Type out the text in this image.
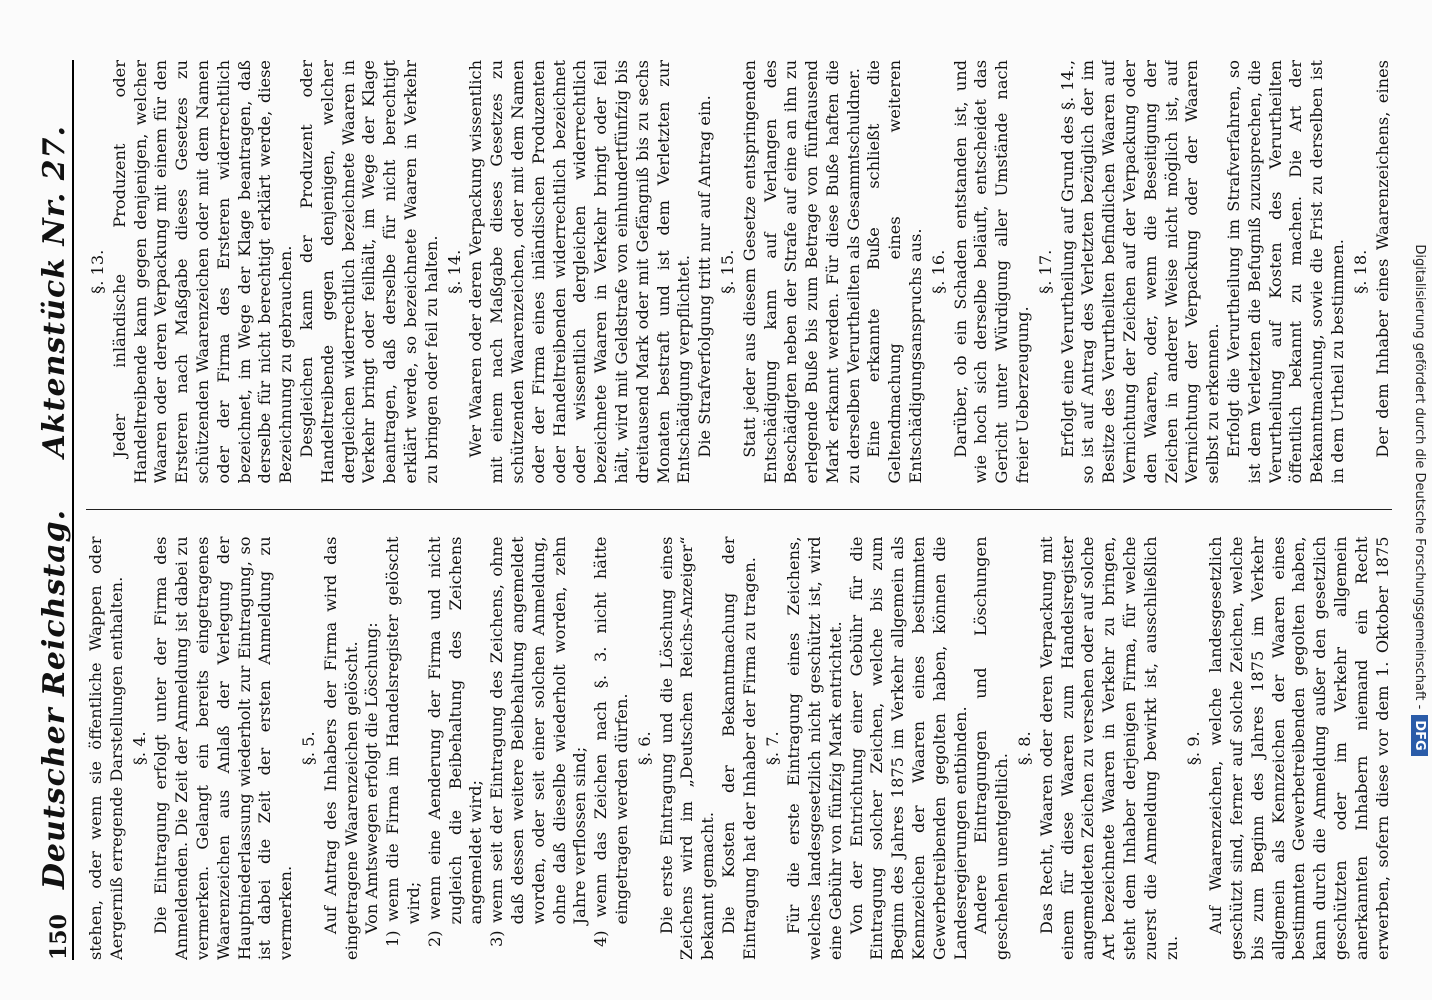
150
Deutscher Reichstag. Aktenstück Nr. 27.
stehen, oder wenn sie öffentliche Wappen oder Aergerniß erregende Darstellungen enthalten. §. 4. Die Eintragung erfolgt unter der Firma des Anmeldenden. Die Zeit der Anmeldung ist dabei zu vermerken. Gelangt ein bereits eingetragenes Waarenzeichen aus Anlaß der Verlegung der Hauptniederlassung wiederholt zur Eintragung, so ist dabei die Zeit der ersten Anmeldung zu vermerken.
§. 5. Auf Antrag des Inhabers der Firma wird das eingetragene Waarenzeichen gelöscht. Von Amtswegen erfolgt die Löschung: 1) wenn die Firma im Handelsregister gelöscht wird; 2) wenn eine Aenderung der Firma und nicht zugleich die Beibehaltung des Zeichens angemeldet wird; 3) wenn seit der Eintragung des Zeichens, ohne daß dessen weitere Beibehaltung angemeldet worden, oder seit einer solchen Anmeldung, ohne daß dieselbe wiederholt worden, zehn Jahre verflossen sind; 4) wenn das Zeichen nach §. 3. nicht hätte eingetragen werden dürfen. §. 6. Die erste Eintragung und die Löschung eines Zeichens wird im „Deutschen Reichs-Anzeiger“ bekannt gemacht. Die Kosten der Bekanntmachung der Eintragung hat der Inhaber der Firma zu tragen. §. 7. Für die erste Eintragung eines Zeichens, welches landesgesetzlich nicht geschützt ist, wird eine Gebühr von fünfzig Mark entrichtet. Von der Entrichtung einer Gebühr für die Eintragung solcher Zeichen, welche bis zum Beginn des Jahres 1875 im Verkehr allgemein als Kennzeichen der Waaren eines bestimmten Gewerbetreibenden gegolten haben, können die Landesregierungen entbinden. Andere Eintragungen und Löschungen geschehen unentgeltlich.
§. 8. Das Recht, Waaren oder deren Verpackung mit einem für diese Waaren zum Handelsregister angemeldeten Zeichen zu versehen oder auf solche Art bezeichnete Waaren in Verkehr zu bringen, steht dem Inhaber derjenigen Firma, für welche zuerst die Anmeldung bewirkt ist, ausschließlich zu.
§. 9.
Auf Waarenzeichen, welche landesgesetzlich geschützt sind, ferner auf solche Zeichen, welche bis zum Beginn des Jahres 1875 im Verkehr allgemein als Kennzeichen der Waaren eines bestimmten Gewerbetreibenden gegolten haben, kann durch die Anmeldung außer den gesetzlich geschützten oder im Verkehr allgemein anerkannten Inhabern niemand ein Recht erwerben, sofern diese vor dem 1. Oktober 1875
§. 13. Jeder inländische Produzent oder Handeltreibende kann gegen denjenigen, welcher Waaren oder deren Verpackung mit einem für den Ersteren nach Maßgabe dieses Gesetzes zu schützenden Waarenzeichen oder mit dem Namen oder der Firma des Ersteren widerrechtlich bezeichnet, im Wege der Klage beantragen, daß derselbe für nicht berechtigt erklärt werde, diese Bezeichnung zu gebrauchen. Desgleichen kann der Produzent oder Handeltreibende gegen denjenigen, welcher dergleichen widerrechtlich bezeichnete Waaren in Verkehr bringt oder feilhält, im Wege der Klage beantragen, daß derselbe für nicht berechtigt erklärt werde, so bezeichnete Waaren in Verkehr zu bringen oder feil zu halten. §. 14. Wer Waaren oder deren Verpackung wissentlich mit einem nach Maßgabe dieses Gesetzes zu schützenden Waarenzeichen, oder mit dem Namen oder der Firma eines inländischen Produzenten oder Handeltreibenden widerrechtlich bezeichnet oder wissentlich dergleichen widerrechtlich bezeichnete Waaren in Verkehr bringt oder feil hält, wird mit Geldstrafe von einhundertfünfzig bis dreitausend Mark oder mit Gefängniß bis zu sechs Monaten bestraft und ist dem Verletzten zur Entschädigung verpflichtet. Die Strafverfolgung tritt nur auf Antrag ein. §. 15. Statt jeder aus diesem Gesetze entspringenden Entschädigung kann auf Verlangen des Beschädigten neben der Strafe auf eine an ihn zu erlegende Buße bis zum Betrage von fünftausend Mark erkannt werden. Für diese Buße haften die zu derselben Verurtheilten als Gesammtschuldner. Eine erkannte Buße schließt die Geltendmachung eines weiteren Entschädigungsanspruchs aus. §. 16. Darüber, ob ein Schaden entstanden ist, und wie hoch sich derselbe beläuft, entscheidet das Gericht unter Würdigung aller Umstände nach freier Ueberzeugung.
§. 17. Erfolgt eine Verurtheilung auf Grund des §. 14., so ist auf Antrag des Verletzten bezüglich der im Besitze des Verurtheilten befindlichen Waaren auf Vernichtung der Zeichen auf der Verpackung oder den Waaren, oder, wenn die Beseitigung der Zeichen in anderer Weise nicht möglich ist, auf Vernichtung der Verpackung oder der Waaren selbst zu erkennen. Erfolgt die Verurtheilung im Strafverfahren, so ist dem Verletzten die Befugniß zuzusprechen, die Verurtheilung auf Kosten des Verurtheilten öffentlich bekannt zu machen. Die Art der Bekanntmachung, sowie die Frist zu derselben ist in dem Urtheil zu bestimmen. §. 18.
Der dem Inhaber eines Waarenzeichens, eines
Digitalisierung gefördert durch die Deutsche Forschungsgemeinschaft -
DFG
